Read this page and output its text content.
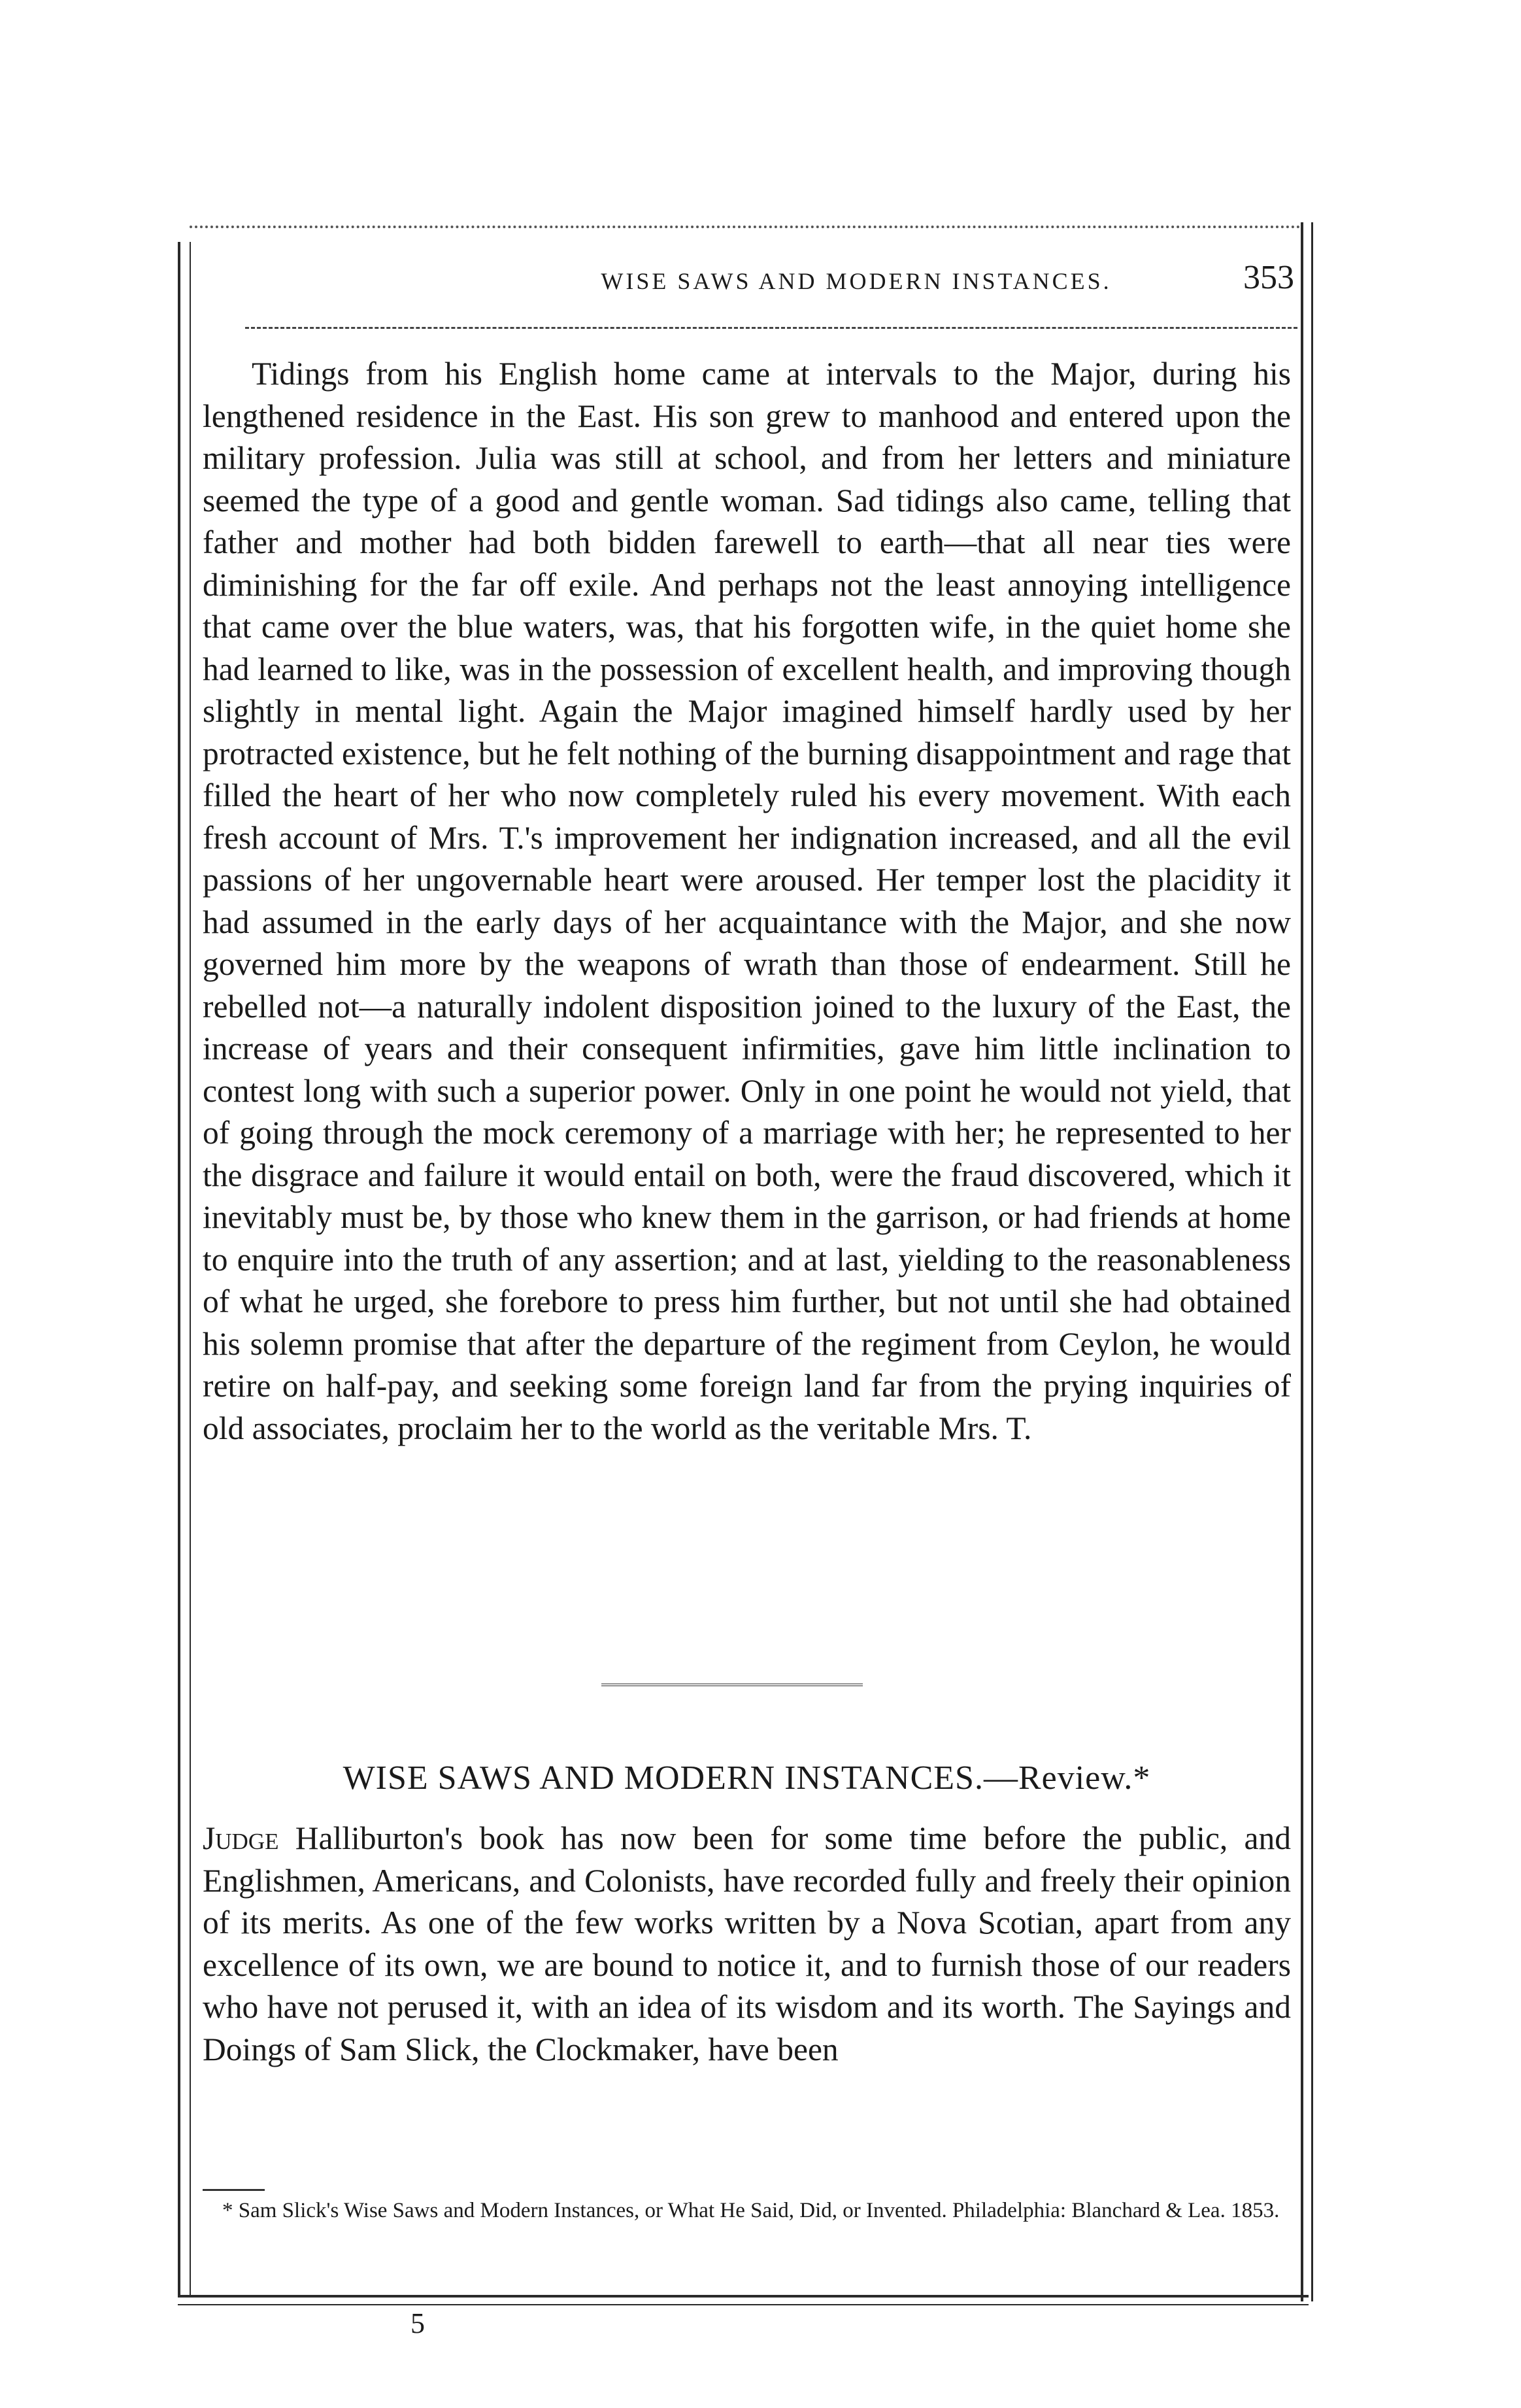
WISE SAWS AND MODERN INSTANCES.	353
Tidings from his English home came at intervals to the Major, during his lengthened residence in the East. His son grew to manhood and entered upon the military profession. Julia was still at school, and from her letters and miniature seemed the type of a good and gentle woman. Sad tidings also came, telling that father and mother had both bidden farewell to earth—that all near ties were diminishing for the far off exile. And perhaps not the least annoying intelligence that came over the blue waters, was, that his forgotten wife, in the quiet home she had learned to like, was in the possession of excellent health, and improving though slightly in mental light. Again the Major imagined himself hardly used by her protracted existence, but he felt nothing of the burning disappointment and rage that filled the heart of her who now completely ruled his every movement. With each fresh account of Mrs. T.'s improvement her indignation increased, and all the evil passions of her ungovernable heart were aroused. Her temper lost the placidity it had assumed in the early days of her acquaintance with the Major, and she now governed him more by the weapons of wrath than those of endearment. Still he rebelled not—a naturally indolent disposition joined to the luxury of the East, the increase of years and their consequent infirmities, gave him little inclination to contest long with such a superior power. Only in one point he would not yield, that of going through the mock ceremony of a marriage with her; he represented to her the disgrace and failure it would entail on both, were the fraud discovered, which it inevitably must be, by those who knew them in the garrison, or had friends at home to enquire into the truth of any assertion; and at last, yielding to the reasonableness of what he urged, she forebore to press him further, but not until she had obtained his solemn promise that after the departure of the regiment from Ceylon, he would retire on half-pay, and seeking some foreign land far from the prying inquiries of old associates, proclaim her to the world as the veritable Mrs. T.
WISE SAWS AND MODERN INSTANCES.—Review.*
Judge Halliburton's book has now been for some time before the public, and Englishmen, Americans, and Colonists, have recorded fully and freely their opinion of its merits. As one of the few works written by a Nova Scotian, apart from any excellence of its own, we are bound to notice it, and to furnish those of our readers who have not perused it, with an idea of its wisdom and its worth. The Sayings and Doings of Sam Slick, the Clockmaker, have been
* Sam Slick's Wise Saws and Modern Instances, or What He Said, Did, or Invented. Philadelphia: Blanchard & Lea. 1853.
5
